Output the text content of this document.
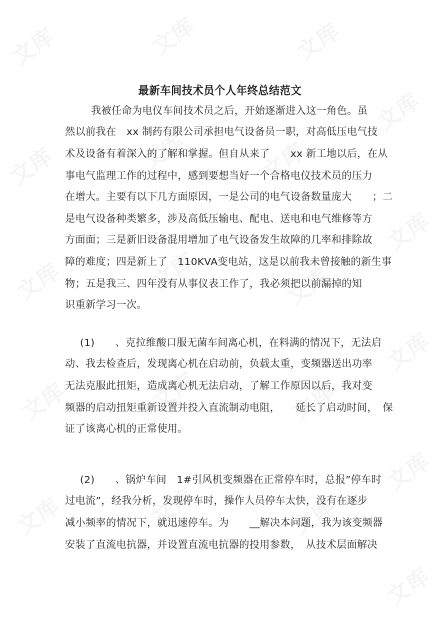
文库	文库	文库
文库
文库	文库	文库
文库
文库	文库	文库
文库	文库	文库
文库
文库	文库	文库
文库
文库
最新车间技术员个人年终总结范文
我被任命为电仪车间技术员之后，开始逐渐进入这一角色。虽
然以前我在　xx 制药有限公司承担电气设备员一职，对高低压电气技
术及设备有着深入的了解和掌握。但自从来了　　xx 新工地以后，在从
事电气监理工作的过程中，感到要想当好一个合格电仪技术员的压力
在增大。主要有以下几方面原因，一是公司的电气设备数量庞大　　；二
是电气设备种类繁多，涉及高低压输电、配电、送电和电气维修等方
方面面；三是新旧设备混用增加了电气设备发生故障的几率和排除故
障的难度；四是新上了　110KVA变电站，这是以前我未曾接触的新生事
物；五是我三、四年没有从事仪表工作了，我必须把以前漏掉的知
识重新学习一次。
(1)　　、克拉维酸口服无菌车间离心机，在料满的情况下，无法启
动、我去检查后，发现离心机在启动前，负载太重，变频器送出功率
无法克服此扭矩，造成离心机无法启动，了解工作原因以后，我对变
频器的启动扭矩重新设置并投入直流制动电阻，　　延长了启动时间，　保
证了该离心机的正常使用。
(2)　　、锅炉车间　1#引风机变频器在正常停车时，总报”停车时
过电流”，经我分析，发现停车时，操作人员停车太快，没有在逐步
减小频率的情况下，就迅速停车。为　　__解决本问题，我为该变频器
安装了直流电抗器，并设置直流电抗器的投用参数，　从技术层面解决
